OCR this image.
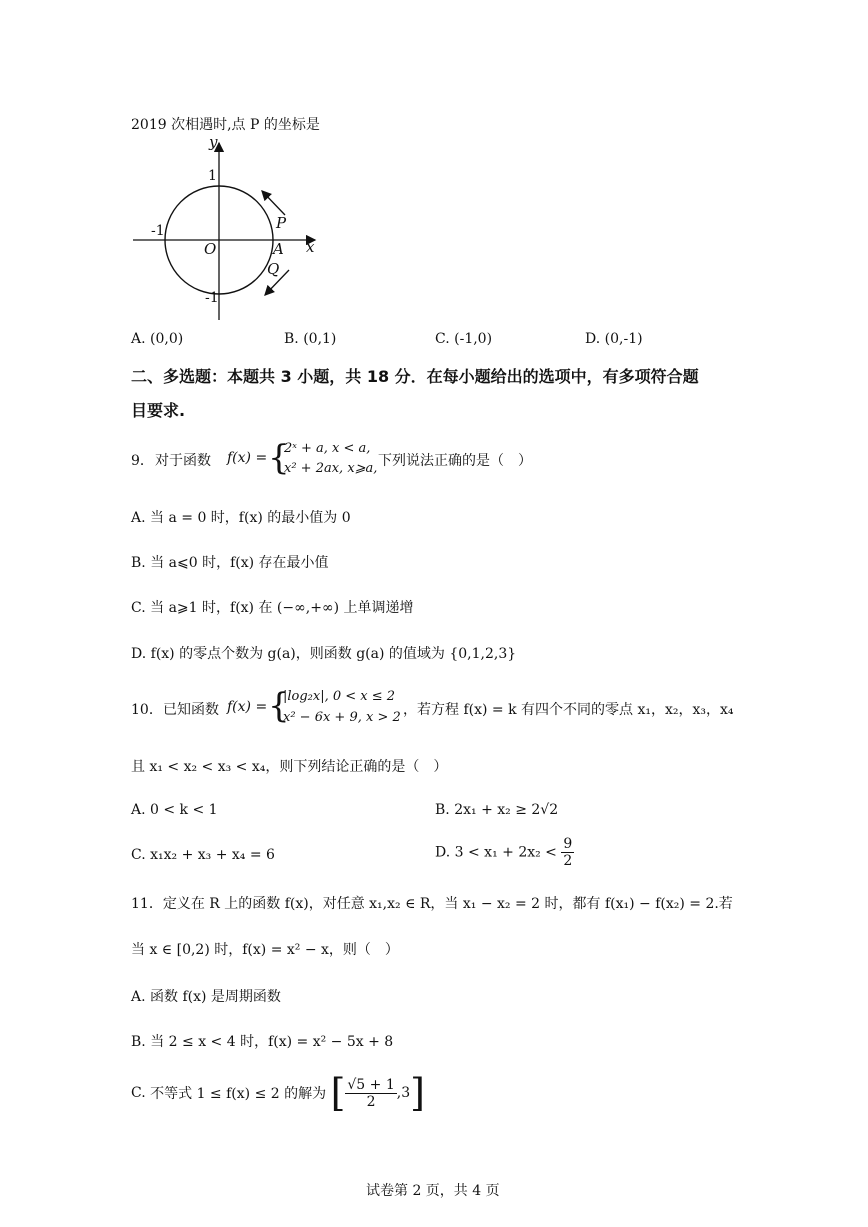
2019 次相遇时,点 P 的坐标是
y
x
1
-1
-1
O	A
P
Q
A. (0,0)	B. (0,1)	C. (-1,0)	D. (0,-1)
二、多选题：本题共 3 小题，共 18 分．在每小题给出的选项中，有多项符合题
目要求.
9． 对于函数 f(x) = {
2ˣ + a, x < a,
x² + 2ax, x⩾a, 下列说法正确的是（　）
A. 当 a = 0 时，f(x) 的最小值为 0
B. 当 a⩽0 时，f(x) 存在最小值
C. 当 a⩾1 时，f(x) 在 (−∞,+∞) 上单调递增
D. f(x) 的零点个数为 g(a)，则函数 g(a) 的值域为 {0,1,2,3}
10． 已知函数 f(x) = {
|log₂x|, 0 < x ≤ 2
x² − 6x + 9, x > 2 ，若方程 f(x) = k 有四个不同的零点 x₁，x₂，x₃，x₄
且 x₁ < x₂ < x₃ < x₄，则下列结论正确的是（　）
A. 0 < k < 1	B. 2x₁ + x₂ ≥ 2√2
C. x₁x₂ + x₃ + x₄ = 6	D. $3 < x_1 + 2x_2 < \frac{9}{2}$
11．定义在 R 上的函数 f(x)，对任意 x₁,x₂ ∈ R，当 x₁ − x₂ = 2 时，都有 f(x₁) − f(x₂) = 2.若
当 x ∈ [0,2) 时，f(x) = x² − x，则（　）
A. 函数 f(x) 是周期函数
B. 当 2 ≤ x < 4 时，f(x) = x² − 5x + 8
C. 不等式 1 ≤ f(x) ≤ 2 的解为 [ $\frac{√5 + 1}{2} ,3$]
试卷第 2 页，共 4 页
